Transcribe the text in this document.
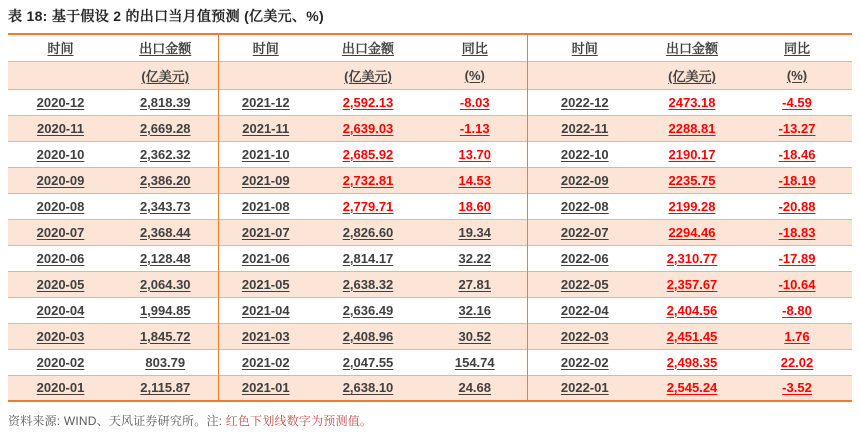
表 18: 基于假设 2 的出口当月值预测 (亿美元、%)
时间	出口金额	时间	出口金额	同比	时间	出口金额	同比
	(亿美元)		(亿美元)	(%)		(亿美元)	(%)
2020-12	2,818.39	2021-12	2,592.13	-8.03	2022-12	2473.18	-4.59
2020-11	2,669.28	2021-11	2,639.03	-1.13	2022-11	2288.81	-13.27
2020-10	2,362.32	2021-10	2,685.92	13.70	2022-10	2190.17	-18.46
2020-09	2,386.20	2021-09	2,732.81	14.53	2022-09	2235.75	-18.19
2020-08	2,343.73	2021-08	2,779.71	18.60	2022-08	2199.28	-20.88
2020-07	2,368.44	2021-07	2,826.60	19.34	2022-07	2294.46	-18.83
2020-06	2,128.48	2021-06	2,814.17	32.22	2022-06	2,310.77	-17.89
2020-05	2,064.30	2021-05	2,638.32	27.81	2022-05	2,357.67	-10.64
2020-04	1,994.85	2021-04	2,636.49	32.16	2022-04	2,404.56	-8.80
2020-03	1,845.72	2021-03	2,408.96	30.52	2022-03	2,451.45	1.76
2020-02	803.79	2021-02	2,047.55	154.74	2022-02	2,498.35	22.02
2020-01	2,115.87	2021-01	2,638.10	24.68	2022-01	2,545.24	-3.52
资料来源: WIND、天风证券研究所。注: 红色下划线数字为预测值。
